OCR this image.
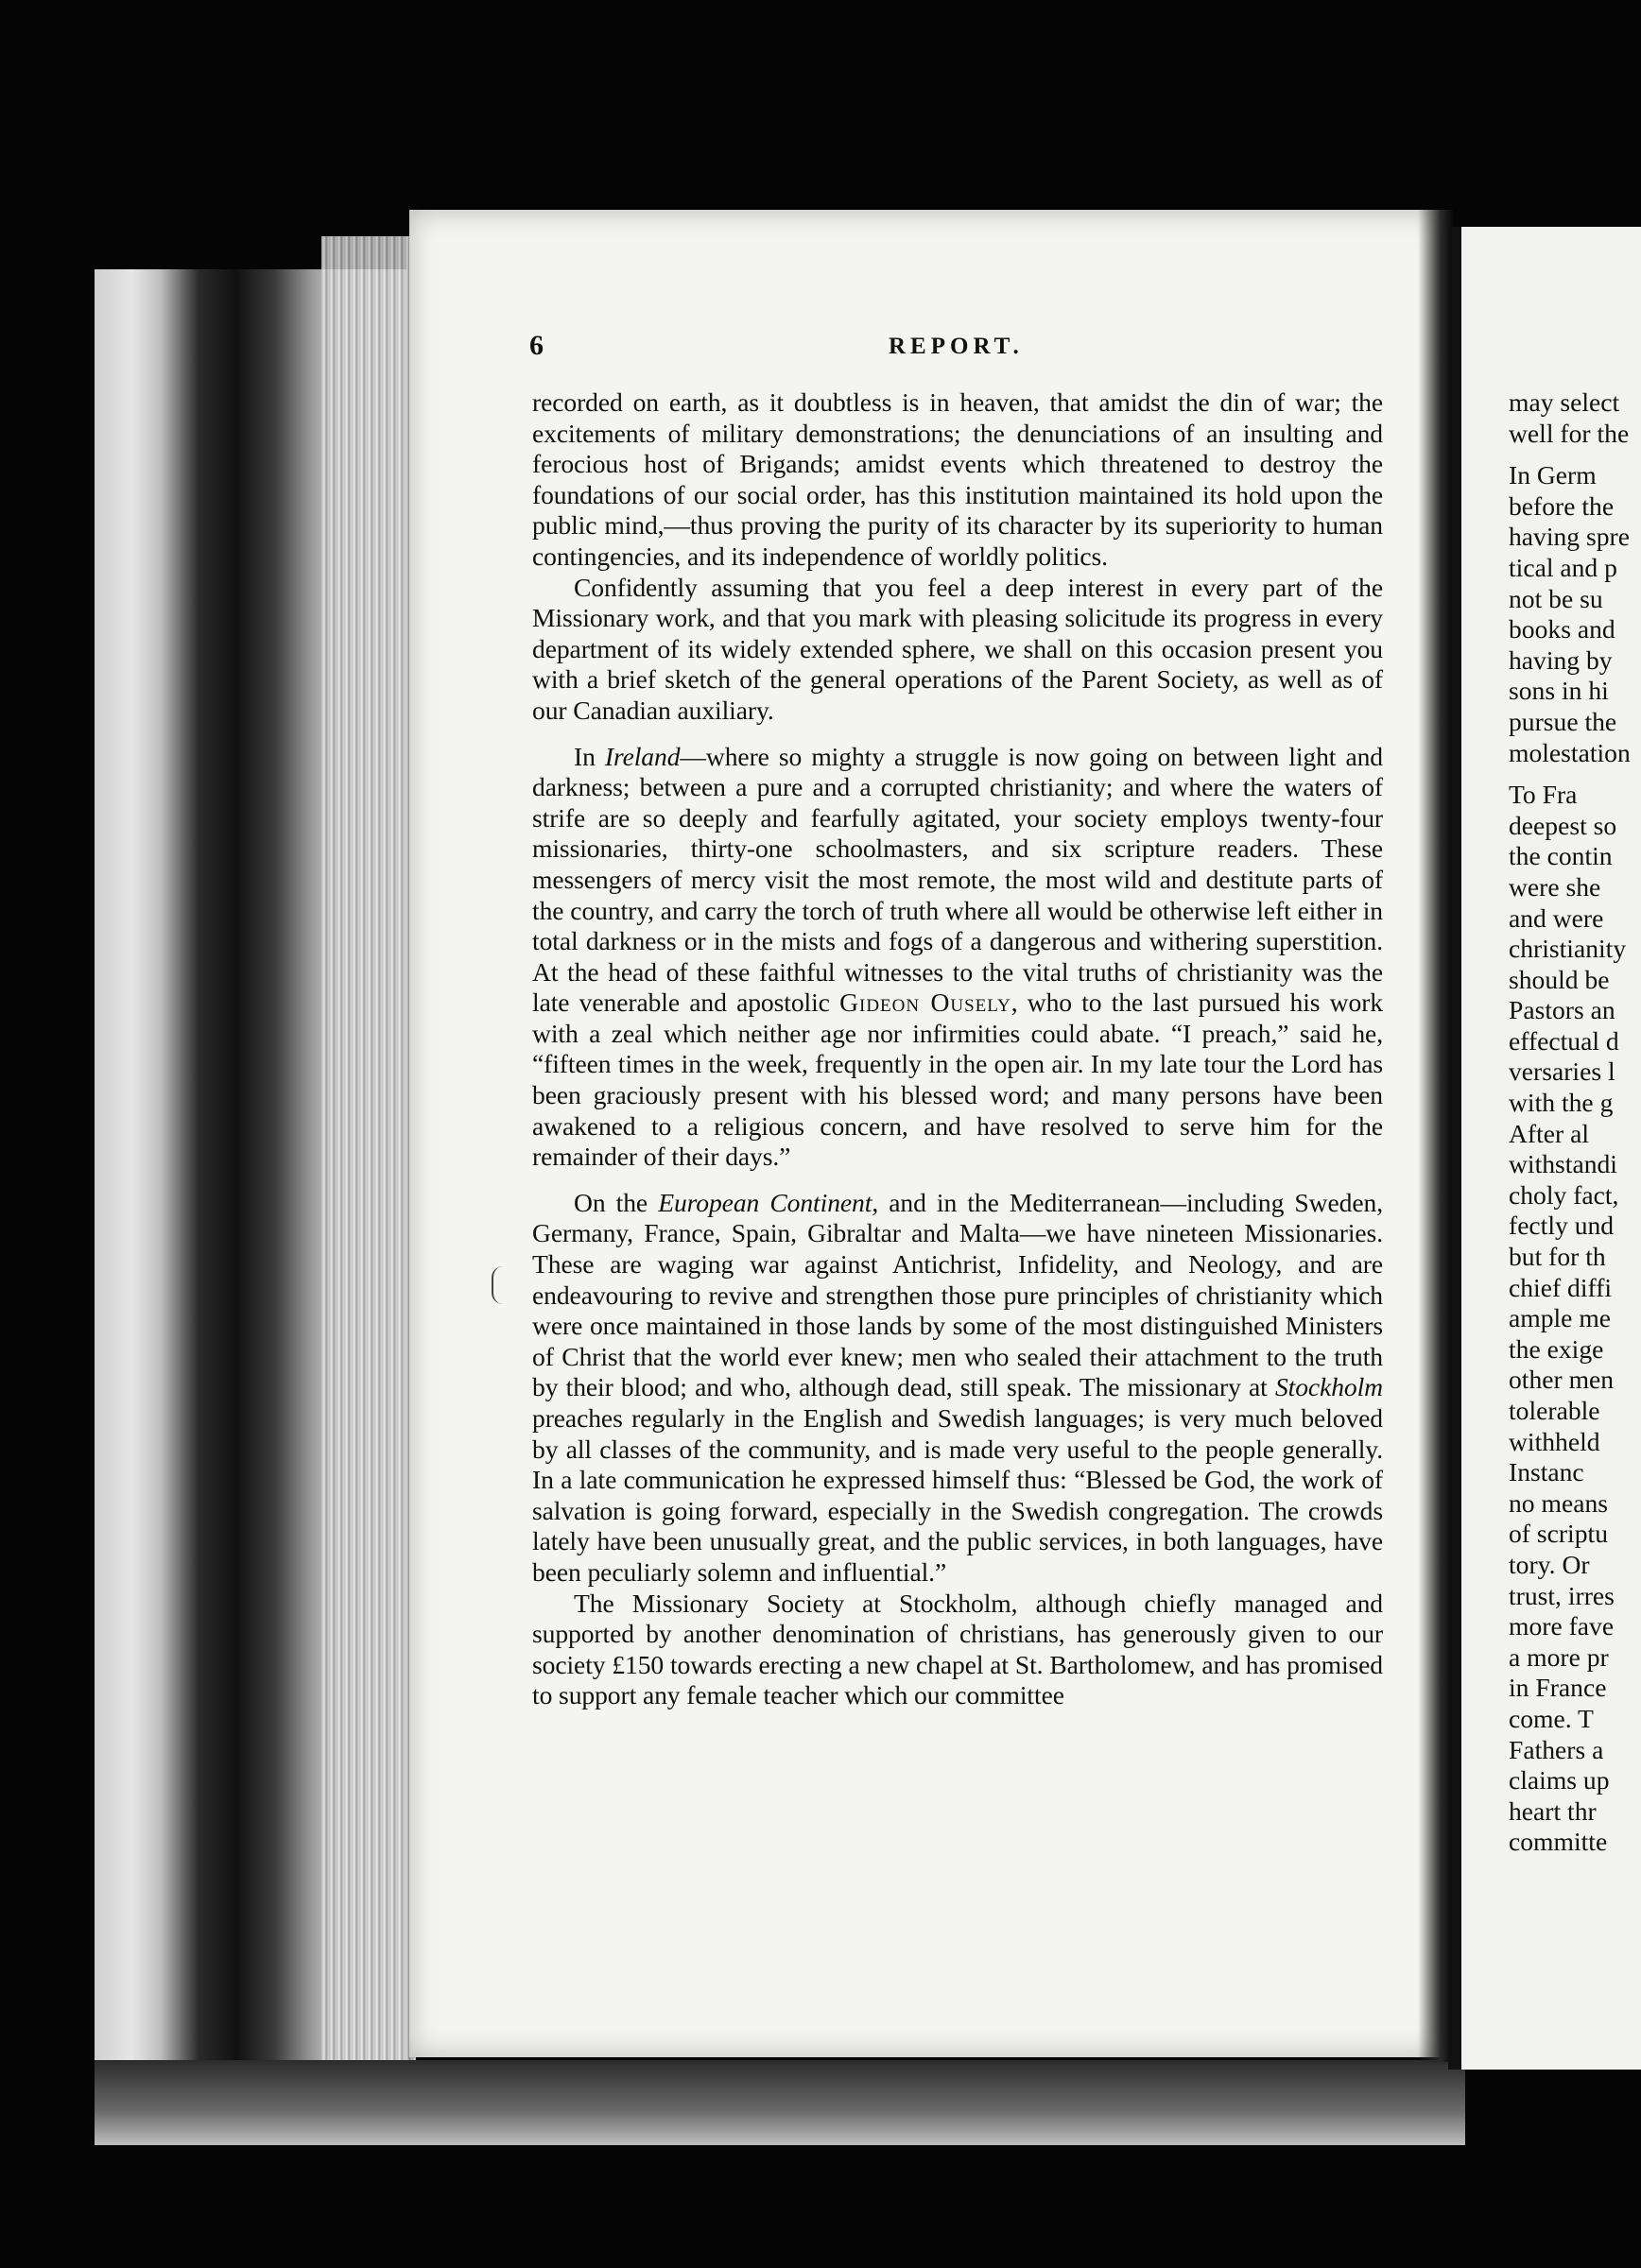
6	REPORT.

recorded on earth, as it doubtless is in heaven, that amidst the din of war; the excitements of military demonstrations; the denunciations of an insulting and ferocious host of Brigands; amidst events which threatened to destroy the foundations of our social order, has this institution maintained its hold upon the public mind,—thus proving the purity of its character by its superiority to human contingencies, and its independence of worldly politics.

Confidently assuming that you feel a deep interest in every part of the Missionary work, and that you mark with pleasing solicitude its progress in every department of its widely extended sphere, we shall on this occasion present you with a brief sketch of the general operations of the Parent Society, as well as of our Canadian auxiliary.

In Ireland—where so mighty a struggle is now going on between light and darkness; between a pure and a corrupted christianity; and where the waters of strife are so deeply and fearfully agitated, your society employs twenty-four missionaries, thirty-one schoolmasters, and six scripture readers. These messengers of mercy visit the most remote, the most wild and destitute parts of the country, and carry the torch of truth where all would be otherwise left either in total darkness or in the mists and fogs of a dangerous and withering superstition. At the head of these faithful witnesses to the vital truths of christianity was the late venerable and apostolic Gideon Ousely, who to the last pursued his work with a zeal which neither age nor infirmities could abate. “I preach,” said he, “fifteen times in the week, frequently in the open air. In my late tour the Lord has been graciously present with his blessed word; and many persons have been awakened to a religious concern, and have resolved to serve him for the remainder of their days.”

On the European Continent, and in the Mediterranean—including Sweden, Germany, France, Spain, Gibraltar and Malta—we have nineteen Missionaries. These are waging war against Antichrist, Infidelity, and Neology, and are endeavouring to revive and strengthen those pure principles of christianity which were once maintained in those lands by some of the most distinguished Ministers of Christ that the world ever knew; men who sealed their attachment to the truth by their blood; and who, although dead, still speak. The missionary at Stockholm preaches regularly in the English and Swedish languages; is very much beloved by all classes of the community, and is made very useful to the people generally. In a late communication he expressed himself thus: “Blessed be God, the work of salvation is going forward, especially in the Swedish congregation. The crowds lately have been unusually great, and the public services, in both languages, have been peculiarly solemn and influential.”

The Missionary Society at Stockholm, although chiefly managed and supported by another denomination of christians, has generously given to our society £150 towards erecting a new chapel at St. Bartholomew, and has promised to support any female teacher which our committee

may select

well for the

In Germ

before the

having spre

tical and p

not be su

books and

having by

sons in hi

pursue the

molestation

To Fra

deepest so

the contin

were she

and were

christianity

should be

Pastors an

effectual d

versaries l

with the g

After al

withstandi

choly fact,

fectly und

but for th

chief diffi

ample me

the exige

other men

tolerable

withheld

Instanc

no means

of scriptu

tory. Or

trust, irres

more fave

a more pr

in France

come. T

Fathers a

claims up

heart thr

committe
